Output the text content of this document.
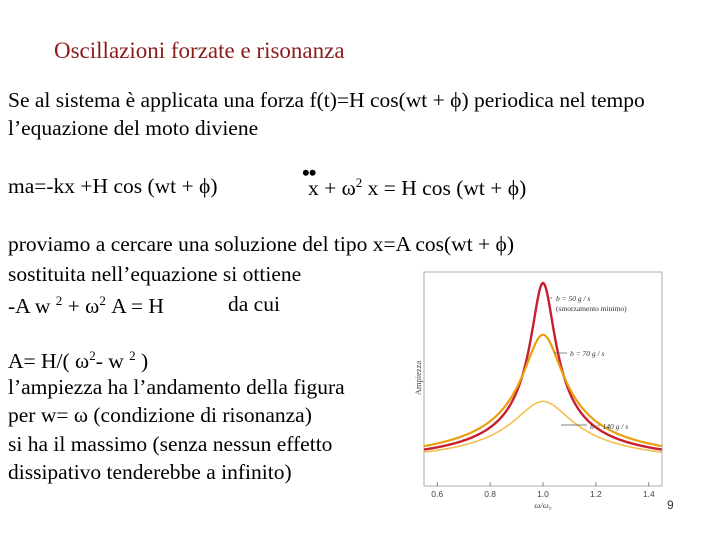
Oscillazioni forzate e risonanza
Se al sistema è applicata una forza f(t)=H cos(wt + ϕ) periodica nel tempo
l’equazione del moto diviene
ma=-kx +H cos (wt + ϕ)
••
$x + \omega^2$ x = H cos (wt + ϕ)
proviamo a cercare una soluzione del tipo x=A cos(wt + ϕ)
sostituita nell’equazione si ottiene
-A w $^2 + \omega^2$ A = H	da cui
A= H/( $\omega^2-$ w $^2$ )
l’ampiezza ha l’andamento della figura
per w= ω (condizione di risonanza)
si ha il massimo (senza nessun effetto
dissipativo tenderebbe a infinito)
Ampiezza
ω/ω₀
0.6	0.8	1.0	1.2	1.4
b = 50 g / s
(smorzamento minimo)
b = 70 g / s
b = 140 g / s
9
